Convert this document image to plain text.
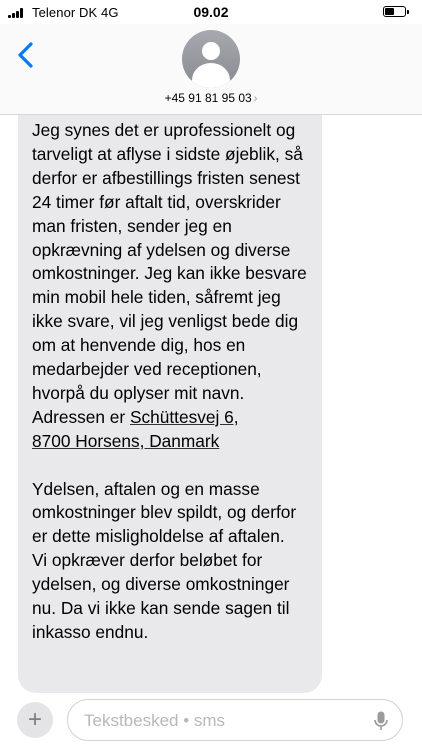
Telenor DK 4G	09.02
+45 91 81 95 03 ›

Jeg synes det er uprofessionelt og tarveligt at aflyse i sidste øjeblik, så derfor er afbestillings fristen senest 24 timer før aftalt tid, overskrider man fristen, sender jeg en opkrævning af ydelsen og diverse omkostninger. Jeg kan ikke besvare min mobil hele tiden, såfremt jeg ikke svare, vil jeg venligst bede dig om at henvende dig, hos en medarbejder ved receptionen, hvorpå du oplyser mit navn.

Adressen er Schüttesvej 6,
8700 Horsens, Danmark

Ydelsen, aftalen og en masse omkostninger blev spildt, og derfor er dette misligholdelse af aftalen.

Vi opkræver derfor beløbet for ydelsen, og diverse omkostninger nu. Da vi ikke kan sende sagen til inkasso endnu.

+	Tekstbesked • sms
